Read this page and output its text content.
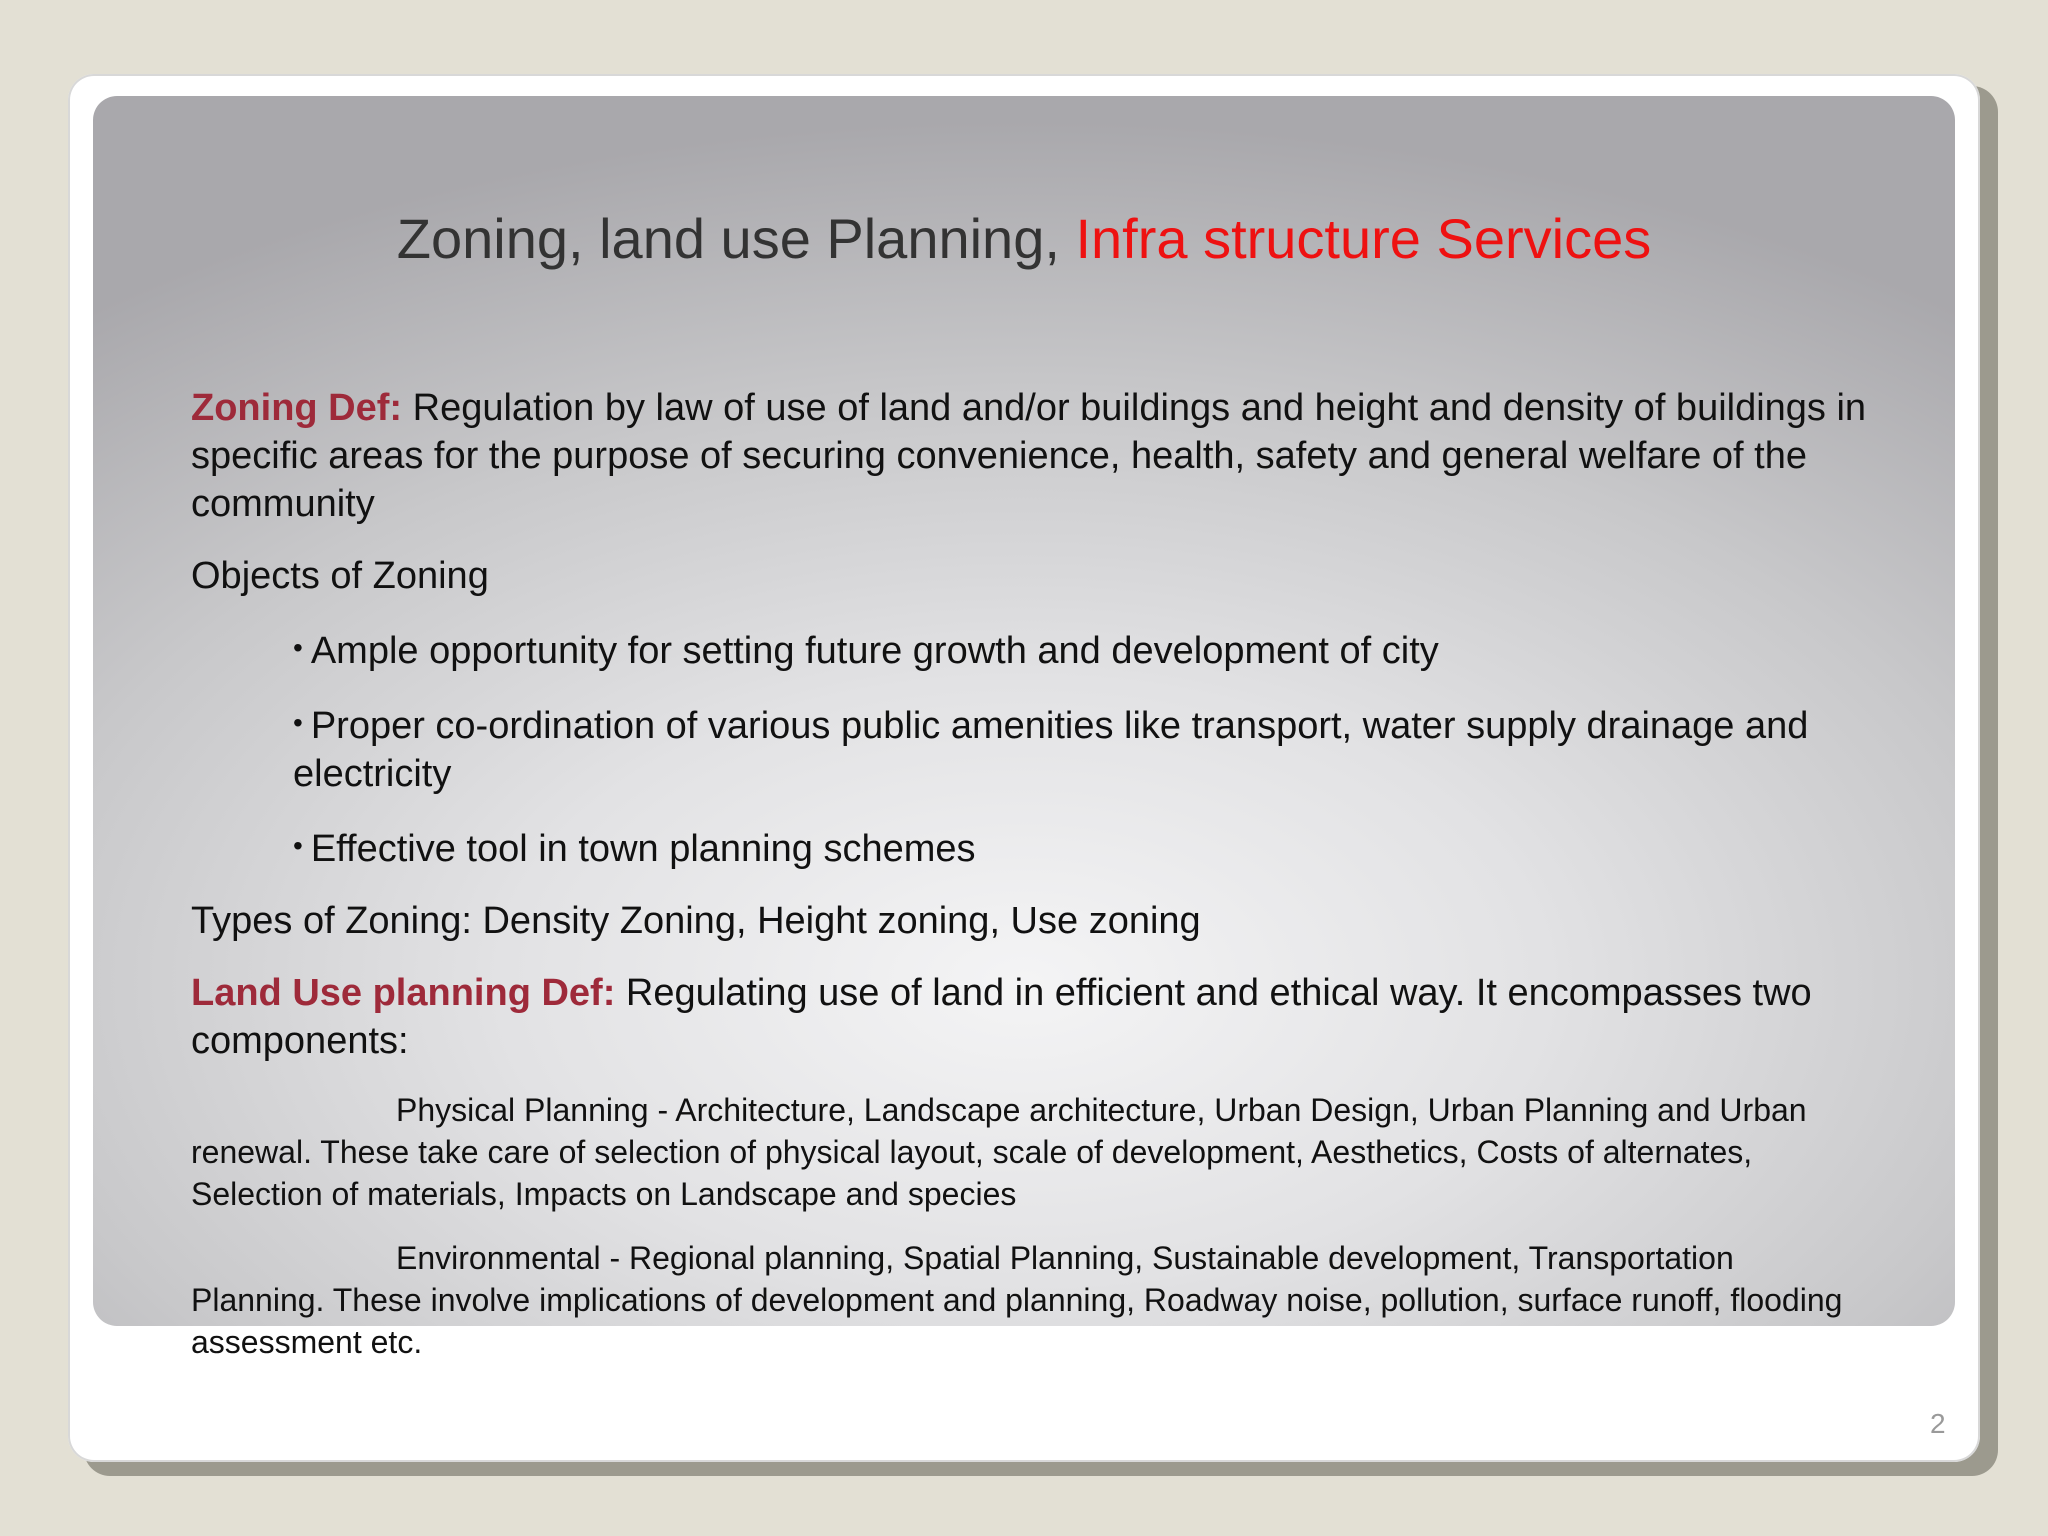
Zoning, land use Planning, Infra structure Services

Zoning Def: Regulation by law of use of land and/or buildings and height and density of buildings in specific areas for the purpose of securing convenience, health, safety and general welfare of the community

Objects of Zoning

• Ample opportunity for setting future growth and development of city

• Proper co-ordination of various public amenities like transport, water supply drainage and electricity

• Effective tool in town planning schemes

Types of Zoning: Density Zoning, Height zoning, Use zoning

Land Use planning Def: Regulating use of land in efficient and ethical way. It encompasses two components:

Physical Planning - Architecture, Landscape architecture, Urban Design, Urban Planning and Urban renewal. These take care of selection of physical layout, scale of development, Aesthetics, Costs of alternates, Selection of materials, Impacts on Landscape and species

Environmental - Regional planning, Spatial Planning, Sustainable development, Transportation Planning. These involve implications of development and planning, Roadway noise, pollution, surface runoff, flooding assessment etc.

2
